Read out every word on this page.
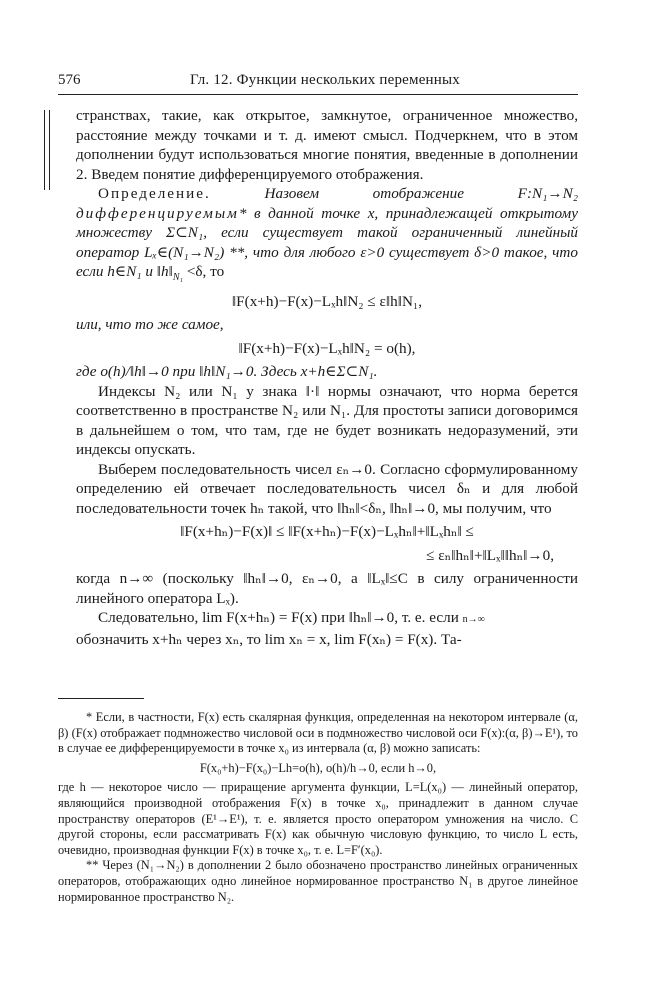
576	Гл. 12. Функции нескольких переменных

странствах, такие, как открытое, замкнутое, ограниченное множество, расстояние между точками и т. д. имеют смысл. Подчеркнем, что в этом дополнении будут использоваться многие понятия, введенные в дополнении 2. Введем понятие дифференцируемого отображения.

Определение.	Назовем отображение F:N₁→N₂ дифференцируемым* в данной точке x, принадлежащей открытому множеству Σ⊂N₁, если существует такой ограниченный линейный оператор Lₓ∈(N₁→N₂) **, что для любого ε>0 существует δ>0 такое, что если h∈N₁ и $‖h‖_{N_1} <\delta$, то

‖F(x+h)−F(x)−Lₓh‖N₂ ≤ ε‖h‖N₁,

или, что то же самое,

‖F(x+h)−F(x)−Lₓh‖N₂ = o(h),

где o(h)/‖h‖→0 при ‖h‖N₁→0. Здесь x+h∈Σ⊂N₁.

Индексы N₂ или N₁ у знака ‖·‖ нормы означают, что норма берется соответственно в пространстве N₂ или N₁. Для простоты записи договоримся в дальнейшем о том, что там, где не будет возникать недоразумений, эти индексы опускать.

Выберем последовательность чисел εₙ→0. Согласно сформулированному определению ей отвечает последовательность чисел δₙ и для любой последовательности точек hₙ такой, что ‖hₙ‖<δₙ, ‖hₙ‖→0, мы получим, что

‖F(x+hₙ)−F(x)‖ ≤ ‖F(x+hₙ)−F(x)−Lₓhₙ‖+‖Lₓhₙ‖ ≤

≤ εₙ‖hₙ‖+‖Lₓ‖‖hₙ‖→0,

когда n→∞ (поскольку ‖hₙ‖→0, εₙ→0, а ‖Lₓ‖≤C в силу ограниченности линейного оператора Lₓ).

Следовательно, lim F(x+hₙ) = F(x) при ‖hₙ‖→0, т. е. если n→∞

обозначить x+hₙ через xₙ, то lim xₙ = x, lim F(xₙ) = F(x). Та-

* Если, в частности, F(x) есть скалярная функция, определенная на некотором интервале (α, β) (F(x) отображает подмножество числовой оси в подмножество числовой оси F(x):(α, β)→E¹), то в случае ее дифференцируемости в точке x₀ из интервала (α, β) можно записать:

F(x₀+h)−F(x₀)−Lh=o(h), o(h)/h→0, если h→0,

где h — некоторое число — приращение аргумента функции, L=L(x₀) — линейный оператор, являющийся производной отображения F(x) в точке x₀, принадлежит в данном случае пространству операторов (E¹→E¹), т. е. является просто оператором умножения на число. С другой стороны, если рассматривать F(x) как обычную числовую функцию, то число L есть, очевидно, производная функции F(x) в точке x₀, т. е. L=F′(x₀).

** Через (N₁→N₂) в дополнении 2 было обозначено пространство линейных ограниченных операторов, отображающих одно линейное нормированное пространство N₁ в другое линейное нормированное пространство N₂.
